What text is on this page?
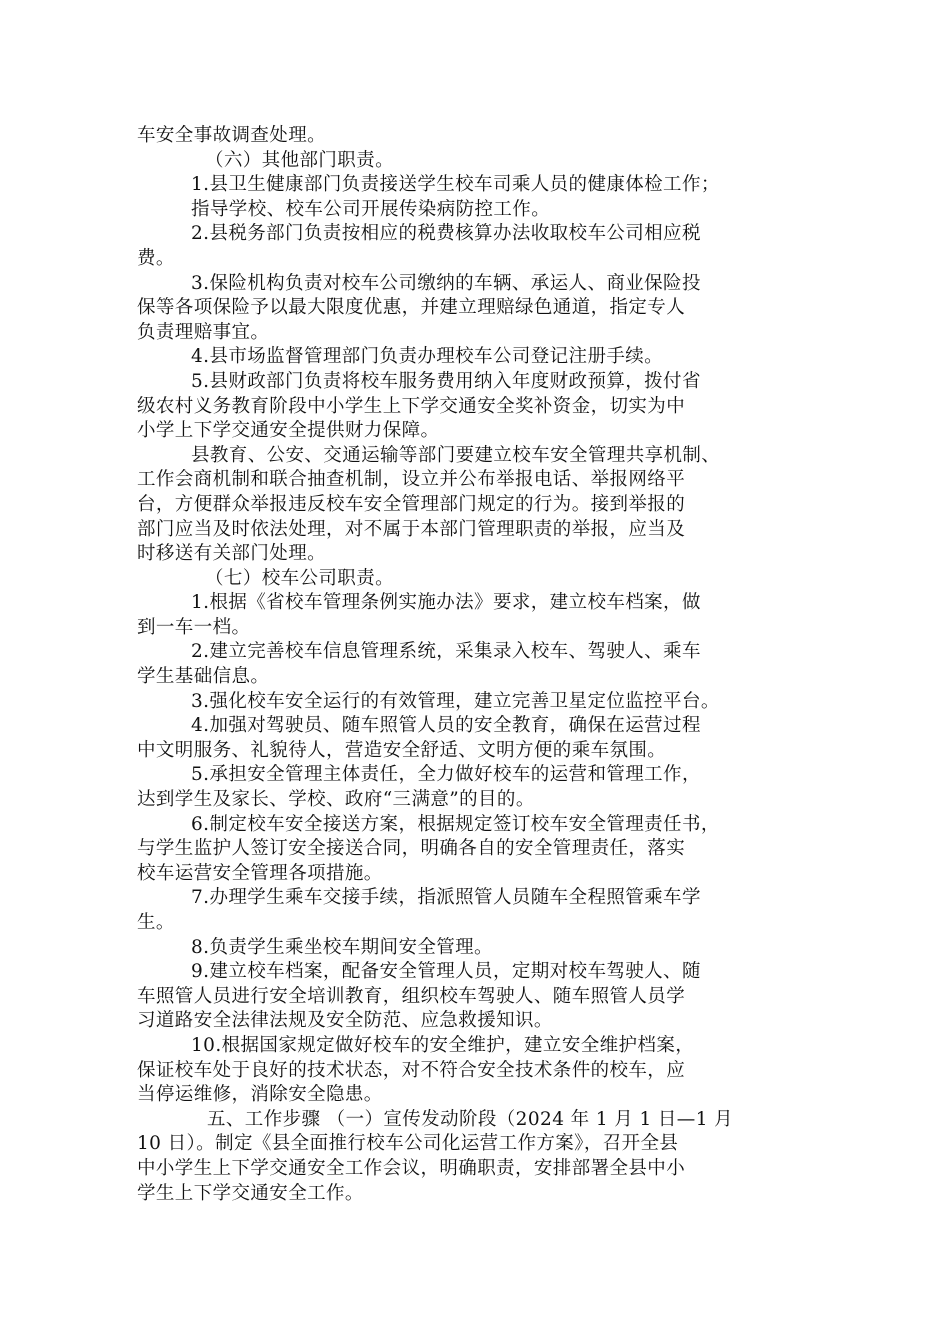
车安全事故调查处理。
（六）其他部门职责。
1.县卫生健康部门负责接送学生校车司乘人员的健康体检工作；
指导学校、校车公司开展传染病防控工作。
2.县税务部门负责按相应的税费核算办法收取校车公司相应税
费。
3.保险机构负责对校车公司缴纳的车辆、承运人、商业保险投
保等各项保险予以最大限度优惠，并建立理赔绿色通道，指定专人
负责理赔事宜。
4.县市场监督管理部门负责办理校车公司登记注册手续。
5.县财政部门负责将校车服务费用纳入年度财政预算，拨付省
级农村义务教育阶段中小学生上下学交通安全奖补资金，切实为中
小学上下学交通安全提供财力保障。
县教育、公安、交通运输等部门要建立校车安全管理共享机制、
工作会商机制和联合抽查机制，设立并公布举报电话、举报网络平
台，方便群众举报违反校车安全管理部门规定的行为。接到举报的
部门应当及时依法处理，对不属于本部门管理职责的举报，应当及
时移送有关部门处理。
（七）校车公司职责。
1.根据《省校车管理条例实施办法》要求，建立校车档案，做
到一车一档。
2.建立完善校车信息管理系统，采集录入校车、驾驶人、乘车
学生基础信息。
3.强化校车安全运行的有效管理，建立完善卫星定位监控平台。
4.加强对驾驶员、随车照管人员的安全教育，确保在运营过程
中文明服务、礼貌待人，营造安全舒适、文明方便的乘车氛围。
5.承担安全管理主体责任，全力做好校车的运营和管理工作，
达到学生及家长、学校、政府“三满意”的目的。
6.制定校车安全接送方案，根据规定签订校车安全管理责任书，
与学生监护人签订安全接送合同，明确各自的安全管理责任，落实
校车运营安全管理各项措施。
7.办理学生乘车交接手续，指派照管人员随车全程照管乘车学
生。
8.负责学生乘坐校车期间安全管理。
9.建立校车档案，配备安全管理人员，定期对校车驾驶人、随
车照管人员进行安全培训教育，组织校车驾驶人、随车照管人员学
习道路安全法律法规及安全防范、应急救援知识。
10.根据国家规定做好校车的安全维护，建立安全维护档案，
保证校车处于良好的技术状态，对不符合安全技术条件的校车，应
当停运维修，消除安全隐患。
五、工作步骤 （一）宣传发动阶段（2024 年 1 月 1 日—1 月
10 日）。制定《县全面推行校车公司化运营工作方案》，召开全县
中小学生上下学交通安全工作会议，明确职责，安排部署全县中小
学生上下学交通安全工作。
